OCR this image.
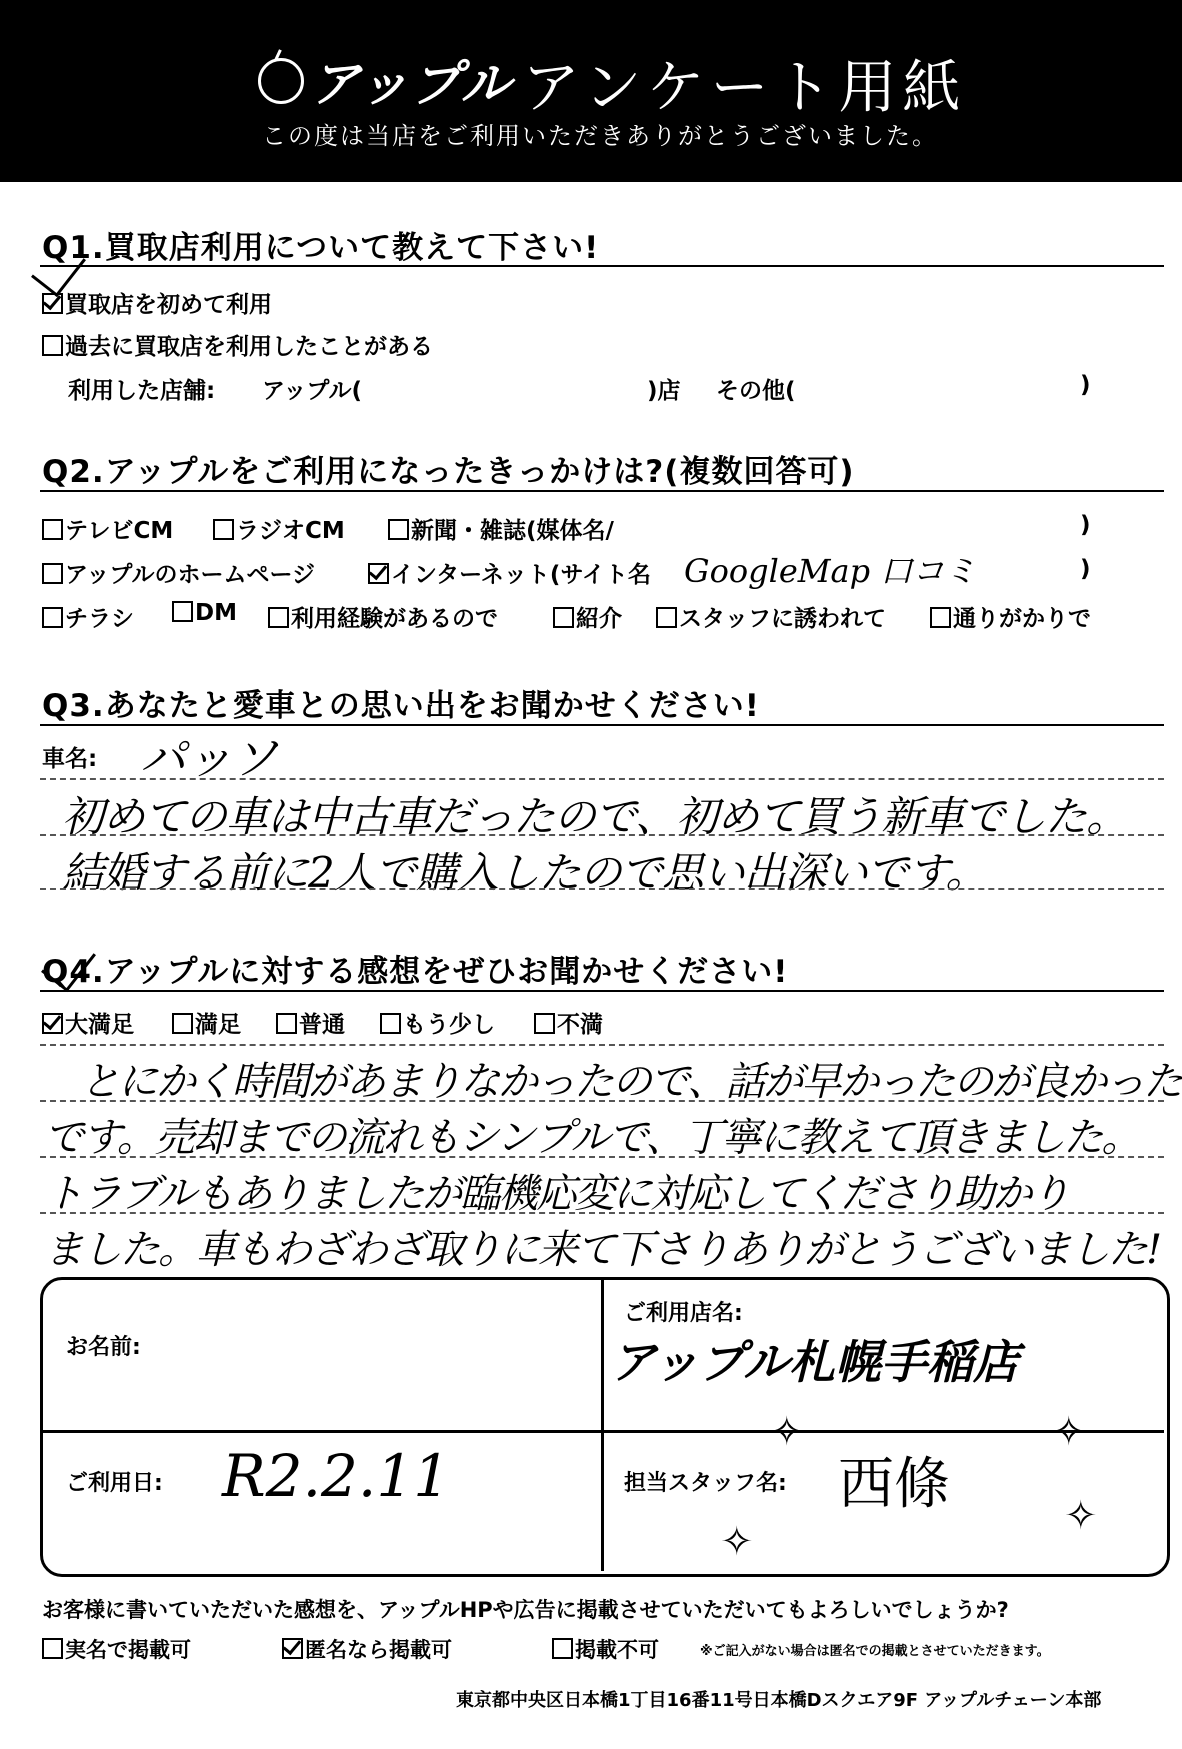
アップル アンケート用紙
この度は当店をご利用いただきありがとうございました。
Q1.買取店利用について教えて下さい!
買取店を初めて利用
過去に買取店を利用したことがある
利用した店舗: アップル(	)店 その他(	)
Q2.アップルをご利用になったきっかけは?(複数回答可)
テレビCM	ラジオCM	新聞・雑誌(媒体名/	)
アップルのホームページ	インターネット(サイト名 GoogleMap 口コミ	)
チラシ	DM	利用経験があるので	紹介	スタッフに誘われて	通りがかりで
Q3.あなたと愛車との思い出をお聞かせください!
車名: パッソ
初めての車は中古車だったので、初めて買う新車でした。
結婚する前に2人で購入したので思い出深いです。
Q4.アップルに対する感想をぜひお聞かせください!
大満足	満足	普通	もう少し	不満
とにかく時間があまりなかったので、話が早かったのが良かった
です。売却までの流れもシンプルで、丁寧に教えて頂きました。
トラブルもありましたが臨機応変に対応してくださり助かり
ました。車もわざわざ取りに来て下さりありがとうございました!
お名前:
ご利用店名:
アップル札幌手稲店
ご利用日: R2.2.11	担当スタッフ名: 西條
✧
✧
✧
✧
お客様に書いていただいた感想を、アップルHPや広告に掲載させていただいてもよろしいでしょうか?
実名で掲載可	匿名なら掲載可	掲載不可	※ご記入がない場合は匿名での掲載とさせていただきます。
東京都中央区日本橋1丁目16番11号日本橋Dスクエア9F アップルチェーン本部
